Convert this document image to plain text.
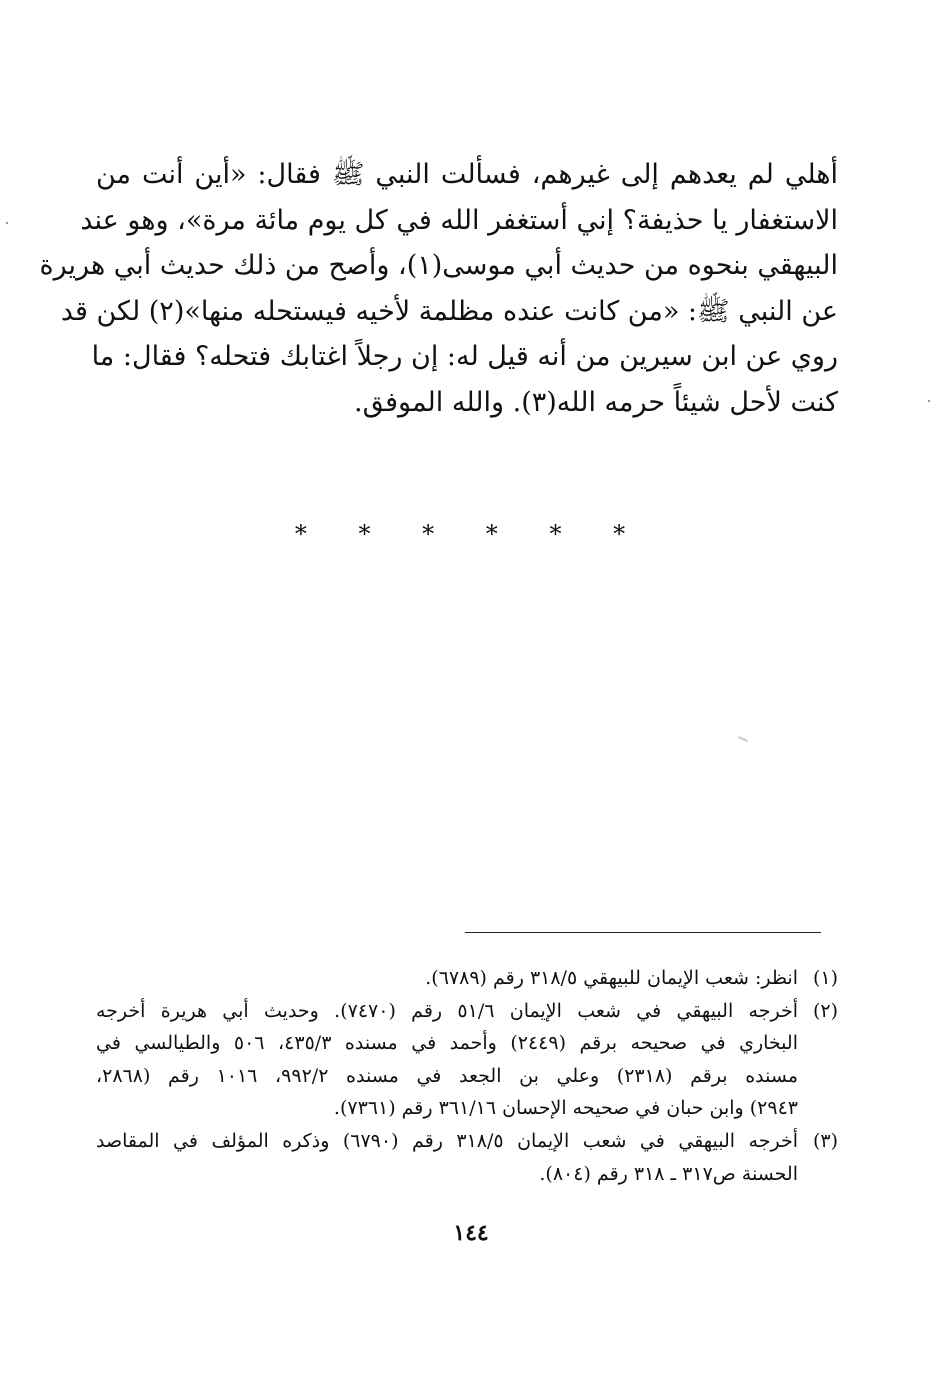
أهلي لم يعدهم إلى غيرهم، فسألت النبي ﷺ فقال: «أين أنت من
الاستغفار يا حذيفة؟ إني أستغفر الله في كل يوم مائة مرة»، وهو عند
البيهقي بنحوه من حديث أبي موسى(١)، وأصح من ذلك حديث أبي هريرة
عن النبي ﷺ: «من كانت عنده مظلمة لأخيه فيستحله منها»(٢) لكن قد
روي عن ابن سيرين من أنه قيل له: إن رجلاً اغتابك فتحله؟ فقال: ما
كنت لأحل شيئاً حرمه الله(٣). والله الموفق.
* * * * * *
(١)
انظر: شعب الإيمان للبيهقي ٣١٨/٥ رقم (٦٧٨٩).
(٢)
أخرجه البيهقي في شعب الإيمان ٥١/٦ رقم (٧٤٧٠). وحديث أبي هريرة أخرجه
البخاري في صحيحه برقم (٢٤٤٩) وأحمد في مسنده ٤٣٥/٣، ٥٠٦ والطيالسي في
مسنده برقم (٢٣١٨) وعلي بن الجعد في مسنده ٩٩٢/٢، ١٠١٦ رقم (٢٨٦٨،
٢٩٤٣) وابن حبان في صحيحه الإحسان ٣٦١/١٦ رقم (٧٣٦١).
(٣)
أخرجه البيهقي في شعب الإيمان ٣١٨/٥ رقم (٦٧٩٠) وذكره المؤلف في المقاصد
الحسنة ص٣١٧ ـ ٣١٨ رقم (٨٠٤).
١٤٤
